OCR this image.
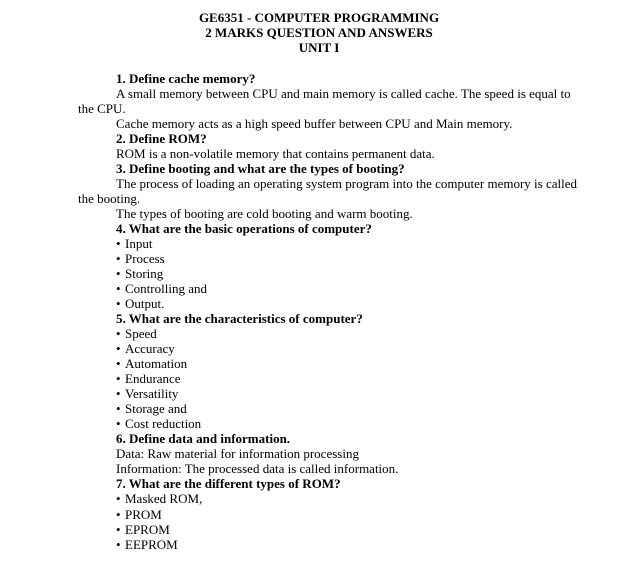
GE6351 - COMPUTER PROGRAMMING
2 MARKS QUESTION AND ANSWERS
UNIT I
1. Define cache memory?
A small memory between CPU and main memory is called cache. The speed is equal to
the CPU.
Cache memory acts as a high speed buffer between CPU and Main memory.
2. Define ROM?
ROM is a non-volatile memory that contains permanent data.
3. Define booting and what are the types of booting?
The process of loading an operating system program into the computer memory is called
the booting.
The types of booting are cold booting and warm booting.
4. What are the basic operations of computer?
• Input
• Process
• Storing
• Controlling and
• Output.
5. What are the characteristics of computer?
• Speed
• Accuracy
• Automation
• Endurance
• Versatility
• Storage and
• Cost reduction
6. Define data and information.
Data: Raw material for information processing
Information: The processed data is called information.
7. What are the different types of ROM?
• Masked ROM,
• PROM
• EPROM
• EEPROM
